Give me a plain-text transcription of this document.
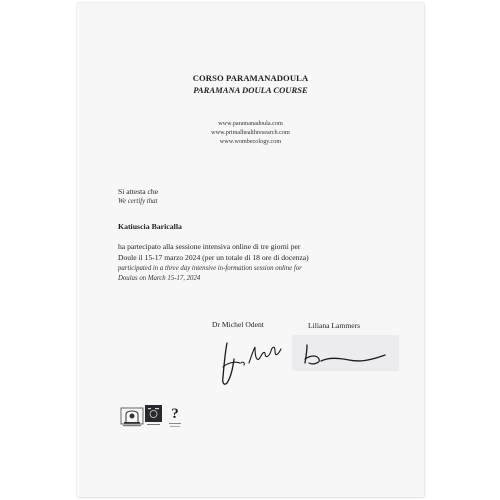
CORSO PARAMANADOULA

PARAMANA DOULA COURSE

www.paramanadoula.com

www.primalhealthresearch.com

www.wombecology.com

Si attesta che

We certify that

Katiuscia Baricalla

ha partecipato alla sessione intensiva online di tre giorni per

Doule il 15-17 marzo 2024 (per un totale di 18 ore di docenza)

participated in a three day intensive in-formation session online for

Doulas on March 15-17, 2024

Dr Michel Odent	Liliana Lammers

?
